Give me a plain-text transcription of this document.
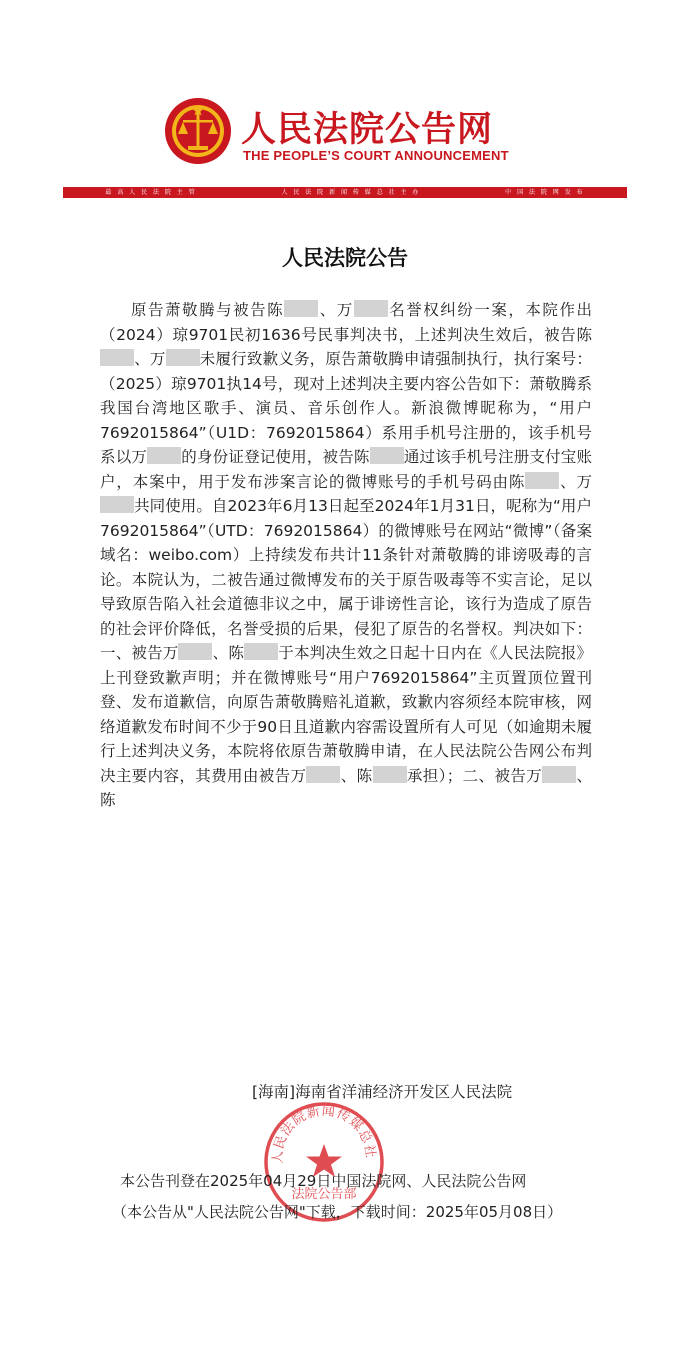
人民法院公告网
THE PEOPLE’S COURT ANNOUNCEMENT
最 高 人 民 法 院 主 管	人 民 法 院 新 闻 传 媒 总 社 主 办	中 国 法 院 网 发 布
人民法院公告

原告萧敬腾与被告陈 、万 名誉权纠纷一案，本院作出（2024）琼9701民初1636号民事判决书，上述判决生效后，被告陈、万 未履行致歉义务，原告萧敬腾申请强制执行，执行案号：（2025）琼9701执14号，现对上述判决主要内容公告如下：萧敬腾系我国台湾地区歌手、演员、音乐创作人。新浪微博昵称为，“用户7692015864”（U1D：7692015864）系用手机号注册的，该手机号系以万 的身份证登记使用，被告陈 通过该手机号注册支付宝账户，本案中，用于发布涉案言论的微博账号的手机号码由陈 、万共同使用。自2023年6月13日起至2024年1月31日，呢称为“用户7692015864”（UTD：7692015864）的微博账号在网站“微博”（备案域名：weibo.com）上持续发布共计11条针对萧敬腾的诽谤吸毒的言论。本院认为，二被告通过微博发布的关于原告吸毒等不实言论，足以导致原告陷入社会道德非议之中，属于诽谤性言论，该行为造成了原告的社会评价降低，名誉受损的后果，侵犯了原告的名誉权。判决如下：一、被告万 、陈 于本判决生效之日起十日内在《人民法院报》上刊登致歉声明；并在微博账号“用户7692015864”主页置顶位置刊登、发布道歉信，向原告萧敬腾赔礼道歉，致歉内容须经本院审核，网络道歉发布时间不少于90日且道歉内容需设置所有人可见（如逾期未履行上述判决义务，本院将依原告萧敬腾申请，在人民法院公告网公布判决主要内容，其费用由被告万 、陈 承担）；二、被告万 、陈

[海南]海南省洋浦经济开发区人民法院
人民法院新闻传媒总社
法院公告部
本公告刊登在2025年04月29日中国法院网、人民法院公告网
（本公告从"人民法院公告网"下载，下载时间：2025年05月08日）
